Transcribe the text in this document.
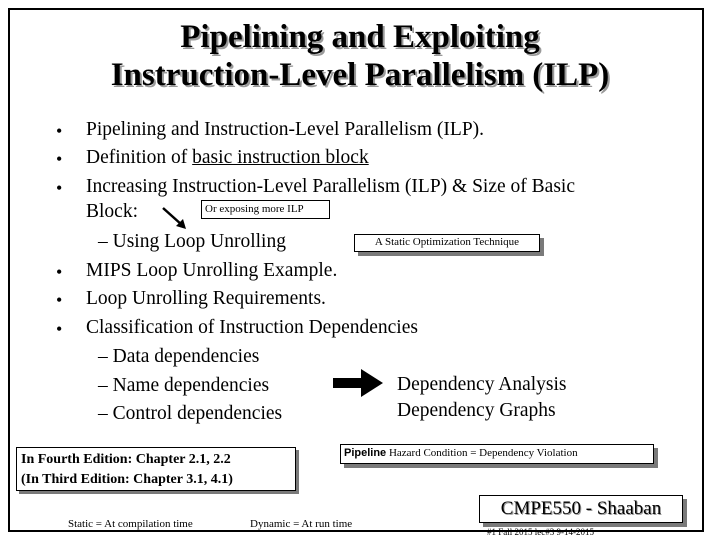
Pipelining and Exploiting
Instruction-Level Parallelism (ILP)
• Pipelining and Instruction-Level Parallelism (ILP).
• Definition of basic instruction block
• Increasing Instruction-Level Parallelism (ILP) & Size of Basic
Block:	Or exposing more ILP
– Using Loop Unrolling	A Static Optimization Technique
• MIPS Loop Unrolling Example.
• Loop Unrolling Requirements.
• Classification of Instruction Dependencies
– Data dependencies
– Name dependencies
– Control dependencies
Dependency Analysis
Dependency Graphs
Pipeline Hazard Condition = Dependency Violation
In Fourth Edition: Chapter 2.1, 2.2
(In Third Edition: Chapter 3.1, 4.1)
Static = At compilation time	Dynamic = At run time
CMPE550 - Shaaban
#1 Fall 2015 lec#3 9-14-2015
